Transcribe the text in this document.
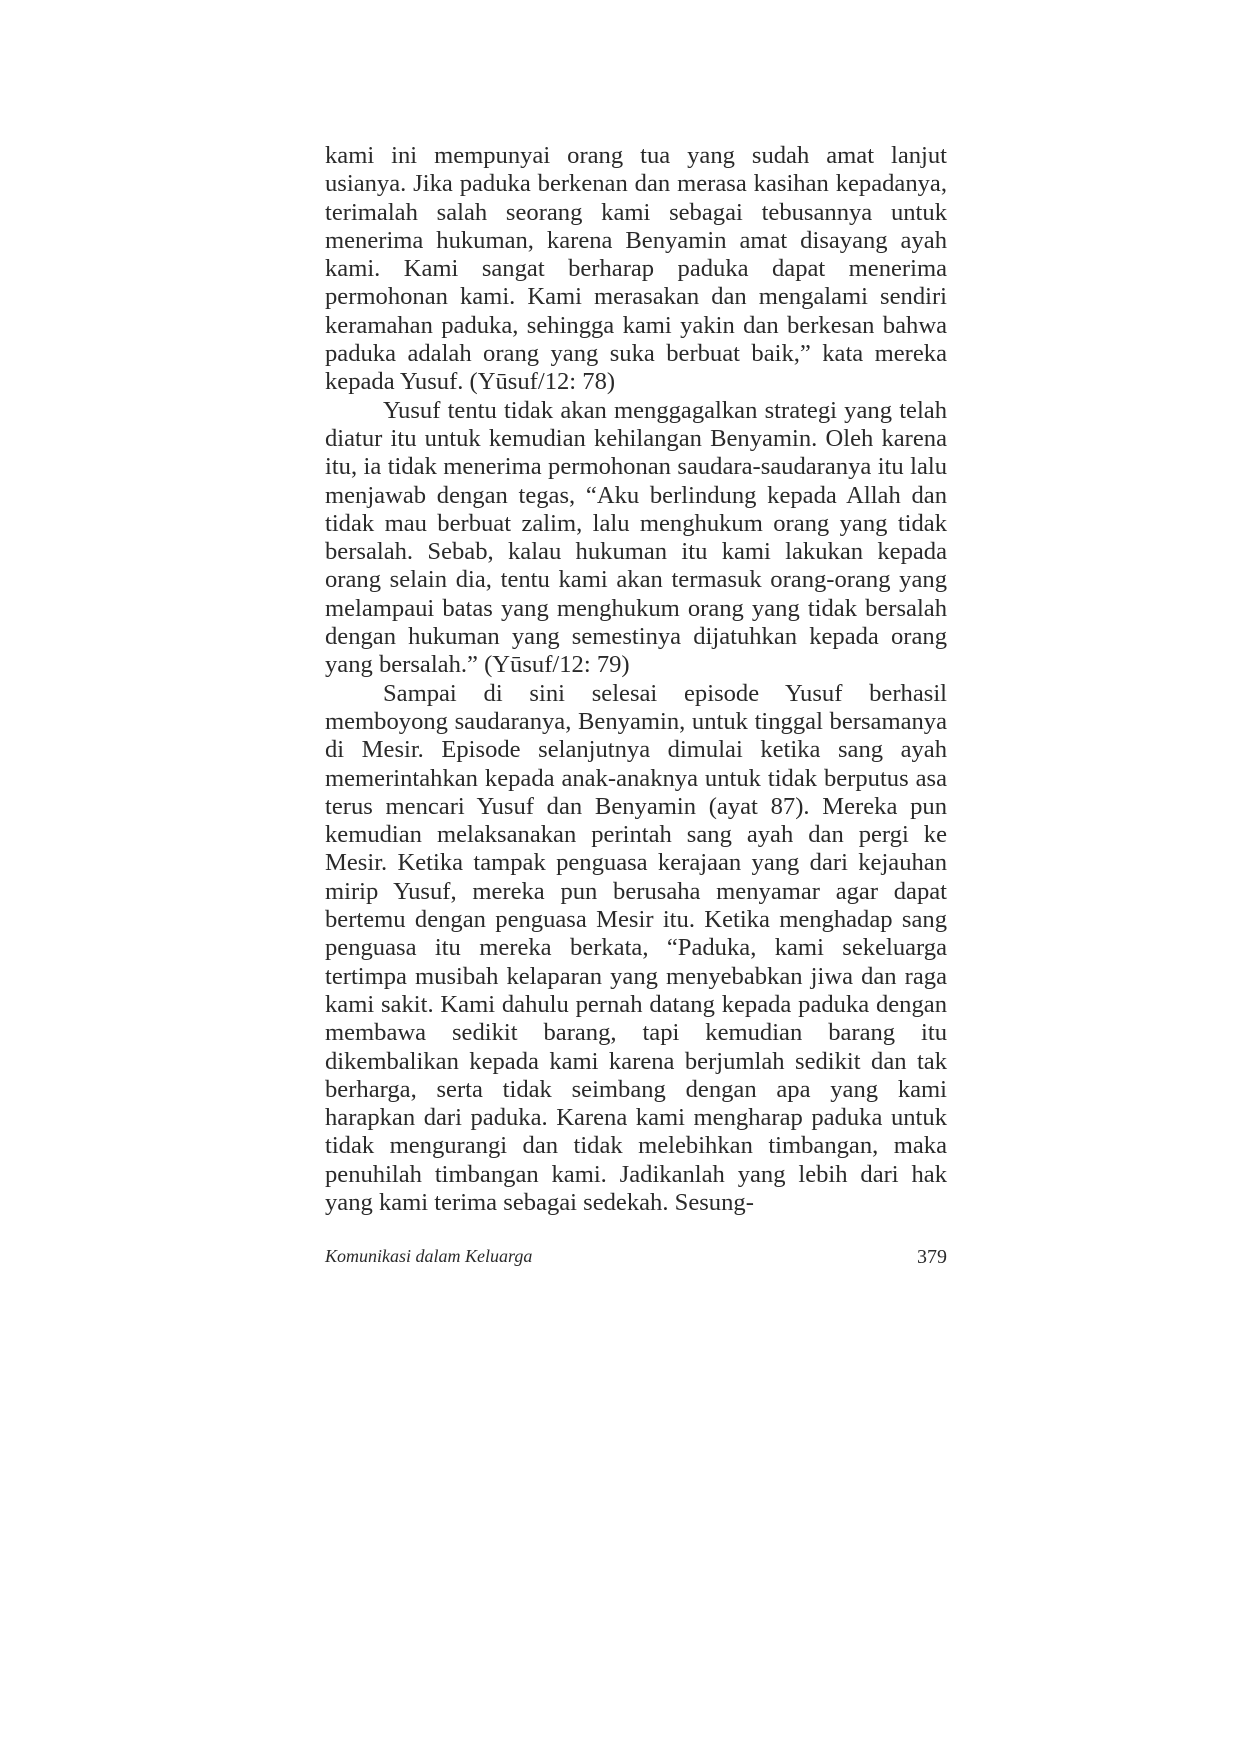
kami ini mempunyai orang tua yang sudah amat lanjut usianya. Jika paduka berkenan dan merasa kasihan kepadanya, terimalah salah seorang kami sebagai tebusannya untuk menerima hukuman, karena Benyamin amat disayang ayah kami. Kami sangat berharap paduka dapat menerima permohonan kami. Kami merasakan dan mengalami sendiri keramahan paduka, sehingga kami yakin dan berkesan bahwa paduka adalah orang yang suka berbuat baik,” kata mereka kepada Yusuf. (Yūsuf/12: 78)

Yusuf tentu tidak akan menggagalkan strategi yang telah diatur itu untuk kemudian kehilangan Benyamin. Oleh karena itu, ia tidak menerima permohonan saudara-saudaranya itu lalu menjawab dengan tegas, “Aku berlindung kepada Allah dan tidak mau berbuat zalim, lalu menghukum orang yang tidak bersalah. Sebab, kalau hukuman itu kami lakukan kepada orang selain dia, tentu kami akan termasuk orang-orang yang melampaui batas yang menghukum orang yang tidak bersalah dengan hukuman yang semestinya dijatuhkan kepada orang yang bersalah.” (Yūsuf/12: 79)

Sampai di sini selesai episode Yusuf berhasil memboyong saudaranya, Benyamin, untuk tinggal bersamanya di Mesir. Episode selanjutnya dimulai ketika sang ayah memerintahkan kepada anak-anaknya untuk tidak berputus asa terus mencari Yusuf dan Benyamin (ayat 87). Mereka pun kemudian melaksanakan perintah sang ayah dan pergi ke Mesir. Ketika tampak penguasa kerajaan yang dari kejauhan mirip Yusuf, mereka pun berusaha menyamar agar dapat bertemu dengan penguasa Mesir itu. Ketika menghadap sang penguasa itu mereka berkata, “Paduka, kami sekeluarga tertimpa musibah kelaparan yang menyebabkan jiwa dan raga kami sakit. Kami dahulu pernah datang kepada paduka dengan membawa sedikit barang, tapi kemudian barang itu dikembalikan kepada kami karena berjumlah sedikit dan tak berharga, serta tidak seimbang dengan apa yang kami harapkan dari paduka. Karena kami mengharap paduka untuk tidak mengurangi dan tidak melebihkan timbangan, maka penuhilah timbangan kami. Jadikanlah yang lebih dari hak yang kami terima sebagai sedekah. Sesung-

Komunikasi dalam Keluarga	379
